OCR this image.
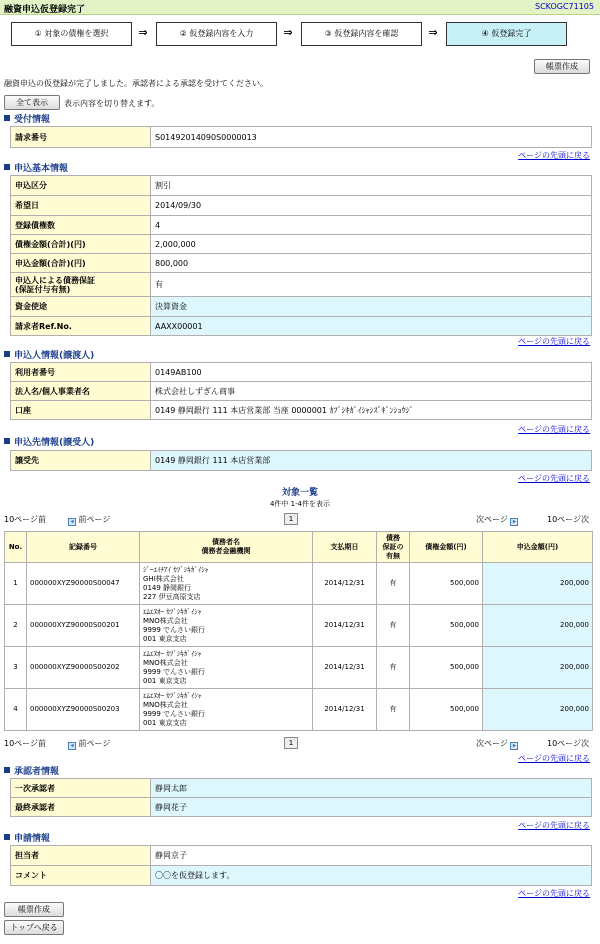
融資申込仮登録完了	SCKOGC71105
① 対象の債権を選択	⇒	② 仮登録内容を入力	⇒	③ 仮登録内容を確認	⇒	④ 仮登録完了
帳票作成
融資申込の仮登録が完了しました。承認者による承認を受けてください。
全て表示	表示内容を切り替えます。
受付情報
請求番号	S01492014090S0000013
ページの先頭に戻る
申込基本情報
申込区分	割引
希望日	2014/09/30
登録債権数	4
債権金額(合計)(円)	2,000,000
申込金額(合計)(円)	800,000
申込人による債務保証
(保証付与有無)	有
資金使途	決算資金
請求者Ref.No.	AAXX00001
ページの先頭に戻る
申込人情報(譲渡人)
利用者番号	0149AB100
法人名/個人事業者名	株式会社しずぎん商事
口座	0149 静岡銀行 111 本店営業部 当座 0000001 ｶﾌﾞｼｷｶﾞｲｼｬｼｽﾞｷﾞﾝｼｮｳｼﾞ
ページの先頭に戻る
申込先情報(譲受人)
譲受先	0149 静岡銀行 111 本店営業部
ページの先頭に戻る
対象一覧
4件中 1-4件を表示
10ページ前	◂ 前ページ	1	次ページ ▸	10ページ次
No.	記録番号	債務者名
債務者金融機関	支払期日	債務
保証の
有無	債権金額(円)	申込金額(円)
1	000000XYZ90000S00047	ｼﾞｰｴｲﾁｱｲ ｶﾌﾞｼｷｶﾞｲｼｬ
GHI株式会社
0149 静岡銀行
227 伊豆高原支店	2014/12/31	有	500,000	200,000
2	000000XYZ90000S00201	ｴﾑｴﾇｵｰ ｶﾌﾞｼｷｶﾞｲｼｬ
MNO株式会社
9999 でんさい銀行
001 東京支店	2014/12/31	有	500,000	200,000
3	000000XYZ90000S00202	ｴﾑｴﾇｵｰ ｶﾌﾞｼｷｶﾞｲｼｬ
MNO株式会社
9999 でんさい銀行
001 東京支店	2014/12/31	有	500,000	200,000
4	000000XYZ90000S00203	ｴﾑｴﾇｵｰ ｶﾌﾞｼｷｶﾞｲｼｬ
MNO株式会社
9999 でんさい銀行
001 東京支店	2014/12/31	有	500,000	200,000
10ページ前	◂ 前ページ	1	次ページ ▸	10ページ次
ページの先頭に戻る
承認者情報
一次承認者	静岡太郎
最終承認者	静岡花子
ページの先頭に戻る
申請情報
担当者	静岡京子
コメント	〇〇を仮登録します。
ページの先頭に戻る
帳票作成
トップへ戻る
